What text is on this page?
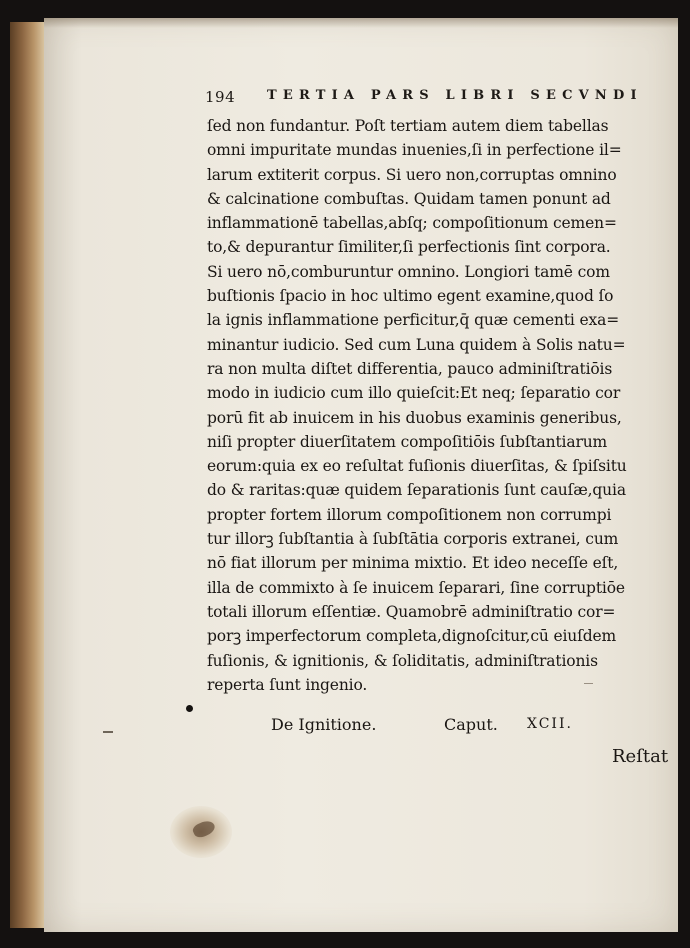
194 TERTIA PARS LIBRI SECVNDI
ſed non fundantur. Poſt tertiam autem diem tabellas
omni impuritate mundas inuenies,ſi in perfectione il=
larum extiterit corpus. Si uero non,corruptas omnino
& calcinatione combuſtas. Quidam tamen ponunt ad
inflammationē tabellas,abſq; compoſitionum cemen=
to,& depurantur ſimiliter,ſi perfectionis ſint corpora.
Si uero nō,comburuntur omnino. Longiori tamē com
buſtionis ſpacio in hoc ultimo egent examine,quod ſo
la ignis inflammatione perficitur,q̄ quæ cementi exa=
minantur iudicio. Sed cum Luna quidem à Solis natu=
ra non multa diſtet differentia, pauco adminiſtratiōis
modo in iudicio cum illo quieſcit:Et neq; ſeparatio cor
porū fit ab inuicem in his duobus examinis generibus,
niſi propter diuerſitatem compoſitiōis ſubſtantiarum
eorum:quia ex eo reſultat fuſionis diuerſitas, & ſpiſsitu
do & raritas:quæ quidem ſeparationis ſunt cauſæ,quia
propter fortem illorum compoſitionem non corrumpi
tur illorꝫ ſubſtantia à ſubſtātia corporis extranei, cum
nō fiat illorum per minima mixtio. Et ideo neceſſe eſt,
illa de commixto à ſe inuicem ſeparari, ſine corruptiōe
totali illorum eſſentiæ. Quamobrē adminiſtratio cor=
porꝫ imperfectorum completa,dignoſcitur,cū eiuſdem
fuſionis, & ignitionis, & ſoliditatis, adminiſtrationis
reperta ſunt ingenio.
De Ignitione.	Caput. XCII.
Reſtat
